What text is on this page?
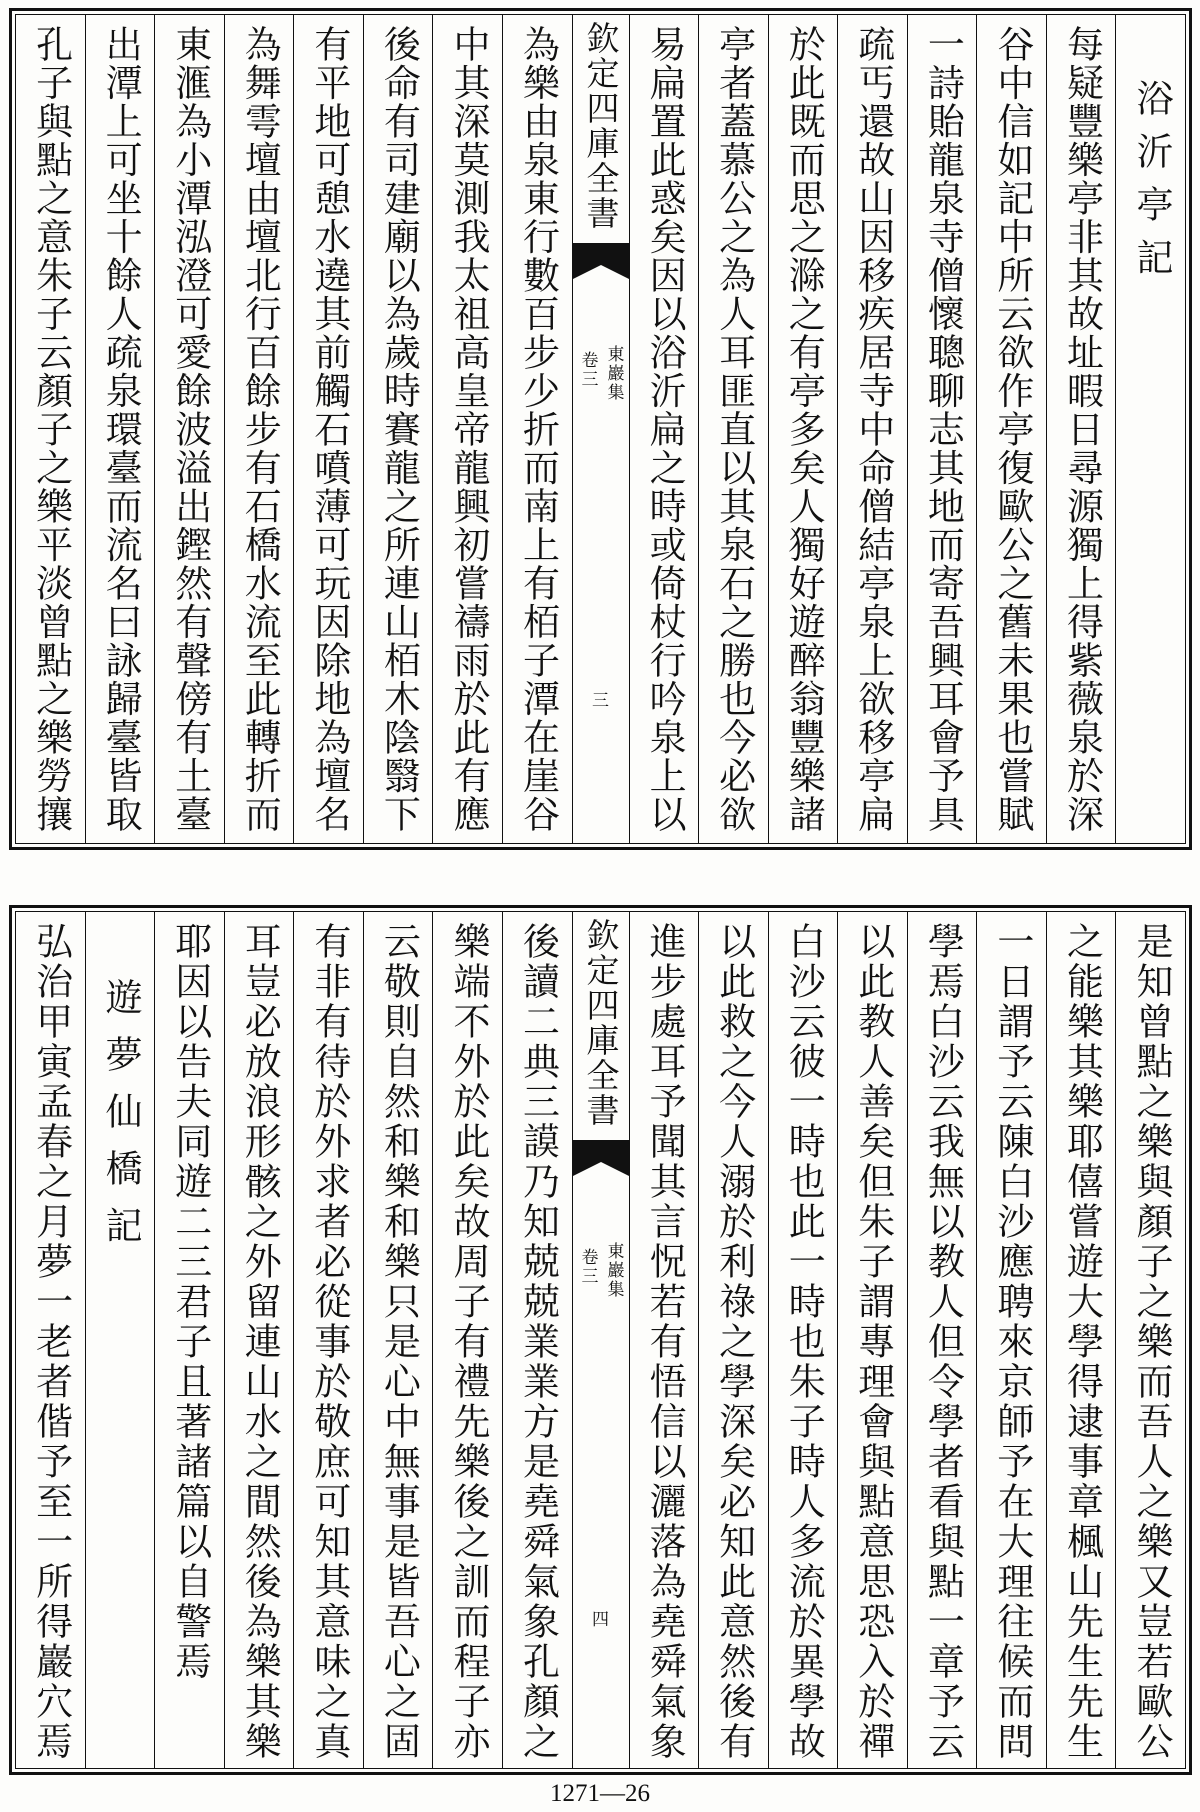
浴沂亭記
每疑豐樂亭非其故址暇日尋源獨上得紫薇泉於深
谷中信如記中所云欲作亭復歐公之舊未果也嘗賦
一詩貽龍泉寺僧懷聰聊志其地而寄吾興耳會予具
疏丐還故山因移疾居寺中命僧結亭泉上欲移亭扁
於此既而思之滁之有亭多矣人獨好遊醉翁豐樂諸
亭者蓋慕公之為人耳匪直以其泉石之勝也今必欲
易扁置此惑矣因以浴沂扁之時或倚杖行吟泉上以
欽定四庫全書
東巖集
卷三
三
為樂由泉東行數百步少折而南上有栢子潭在崖谷
中其深莫測我太祖高皇帝龍興初嘗禱雨於此有應
後命有司建廟以為歲時賽龍之所連山栢木陰翳下
有平地可憩水遶其前觸石噴薄可玩因除地為壇名
為舞雩壇由壇北行百餘步有石橋水流至此轉折而
東滙為小潭泓澄可愛餘波溢出鏗然有聲傍有土臺
出潭上可坐十餘人疏泉環臺而流名曰詠歸臺皆取
孔子與點之意朱子云顏子之樂平淡曾點之樂勞攘
是知曾點之樂與顏子之樂而吾人之樂又豈若歐公
之能樂其樂耶僖嘗遊大學得逮事章楓山先生先生
一日謂予云陳白沙應聘來京師予在大理往候而問
學焉白沙云我無以教人但令學者看與點一章予云
以此教人善矣但朱子謂專理會與點意思恐入於禪
白沙云彼一時也此一時也朱子時人多流於異學故
以此救之今人溺於利祿之學深矣必知此意然後有
進步處耳予聞其言怳若有悟信以灑落為堯舜氣象
欽定四庫全書
東巖集
卷三
四
後讀二典三謨乃知兢兢業業方是堯舜氣象孔顏之
樂端不外於此矣故周子有禮先樂後之訓而程子亦
云敬則自然和樂和樂只是心中無事是皆吾心之固
有非有待於外求者必從事於敬庶可知其意味之真
耳豈必放浪形骸之外留連山水之間然後為樂其樂
耶因以告夫同遊二三君子且著諸篇以自警焉
遊夢仙橋記
弘治甲寅孟春之月夢一老者偕予至一所得巖穴焉
1271—26
